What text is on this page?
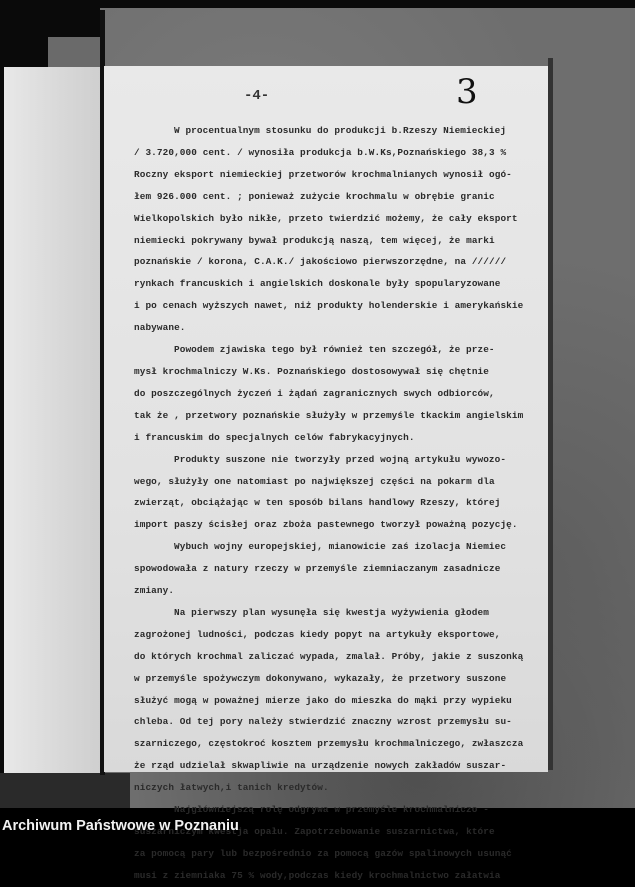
-4-	3
W procentualnym stosunku do produkcji b.Rzeszy Niemieckiej
/ 3.720,000 cent. / wynosiła produkcja b.W.Ks,Poznańskiego 38,3 %
Roczny eksport niemieckiej przetworów krochmalnianych wynosił ogó-
łem 926.000 cent. ; ponieważ zużycie krochmalu w obrębie granic
Wielkopolskich było nikłe, przeto twierdzić możemy, że cały eksport
niemiecki pokrywany bywał produkcją naszą, tem więcej, że marki
poznańskie / korona, C.A.K./ jakościowo pierwszorzędne, na //////
rynkach francuskich i angielskich doskonale były spopularyzowane
i po cenach wyższych nawet, niż produkty holenderskie i amerykańskie
nabywane.
Powodem zjawiska tego był również ten szczegół, że prze-
mysł krochmalniczy W.Ks. Poznańskiego dostosowywał się chętnie
do poszczególnych życzeń i żądań zagranicznych swych odbiorców,
tak że , przetwory poznańskie służyły w przemyśle tkackim angielskim
i francuskim do specjalnych celów fabrykacyjnych.
Produkty suszone nie tworzyły przed wojną artykułu wywozo-
wego, służyły one natomiast po największej części na pokarm dla
zwierząt, obciążając w ten sposób bilans handlowy Rzeszy, której
import paszy ścisłej oraz zboża pastewnego tworzył poważną pozycję.
Wybuch wojny europejskiej, mianowicie zaś izolacja Niemiec
spowodowała z natury rzeczy w przemyśle ziemniaczanym zasadnicze
zmiany.
Na pierwszy plan wysunęła się kwestja wyżywienia głodem
zagrożonej ludności, podczas kiedy popyt na artykuły eksportowe,
do których krochmal zaliczać wypada, zmalał. Próby, jakie z suszonką
w przemyśle spożywczym dokonywano, wykazały, że przetwory suszone
służyć mogą w poważnej mierze jako do mieszka do mąki przy wypieku
chleba. Od tej pory należy stwierdzić znaczny wzrost przemysłu su-
szarniczego, częstokroć kosztem przemysłu krochmalniczego, zwłaszcza
że rząd udzielał skwapliwie na urządzenie nowych zakładów suszar-
niczych łatwych,i tanich kredytów.
Najgłówniejszą rolę odgrywa w przemyśle krochmalniczo -
suszarniczym kwestja opału. Zapotrzebowanie suszarnictwa, które
za pomocą pary lub bezpośrednio za pomocą gazów spalinowych usunąć
musi z ziemniaka 75 % wody,podczas kiedy krochmalnictwo załatwia
Archiwum Państwowe w Poznaniu
